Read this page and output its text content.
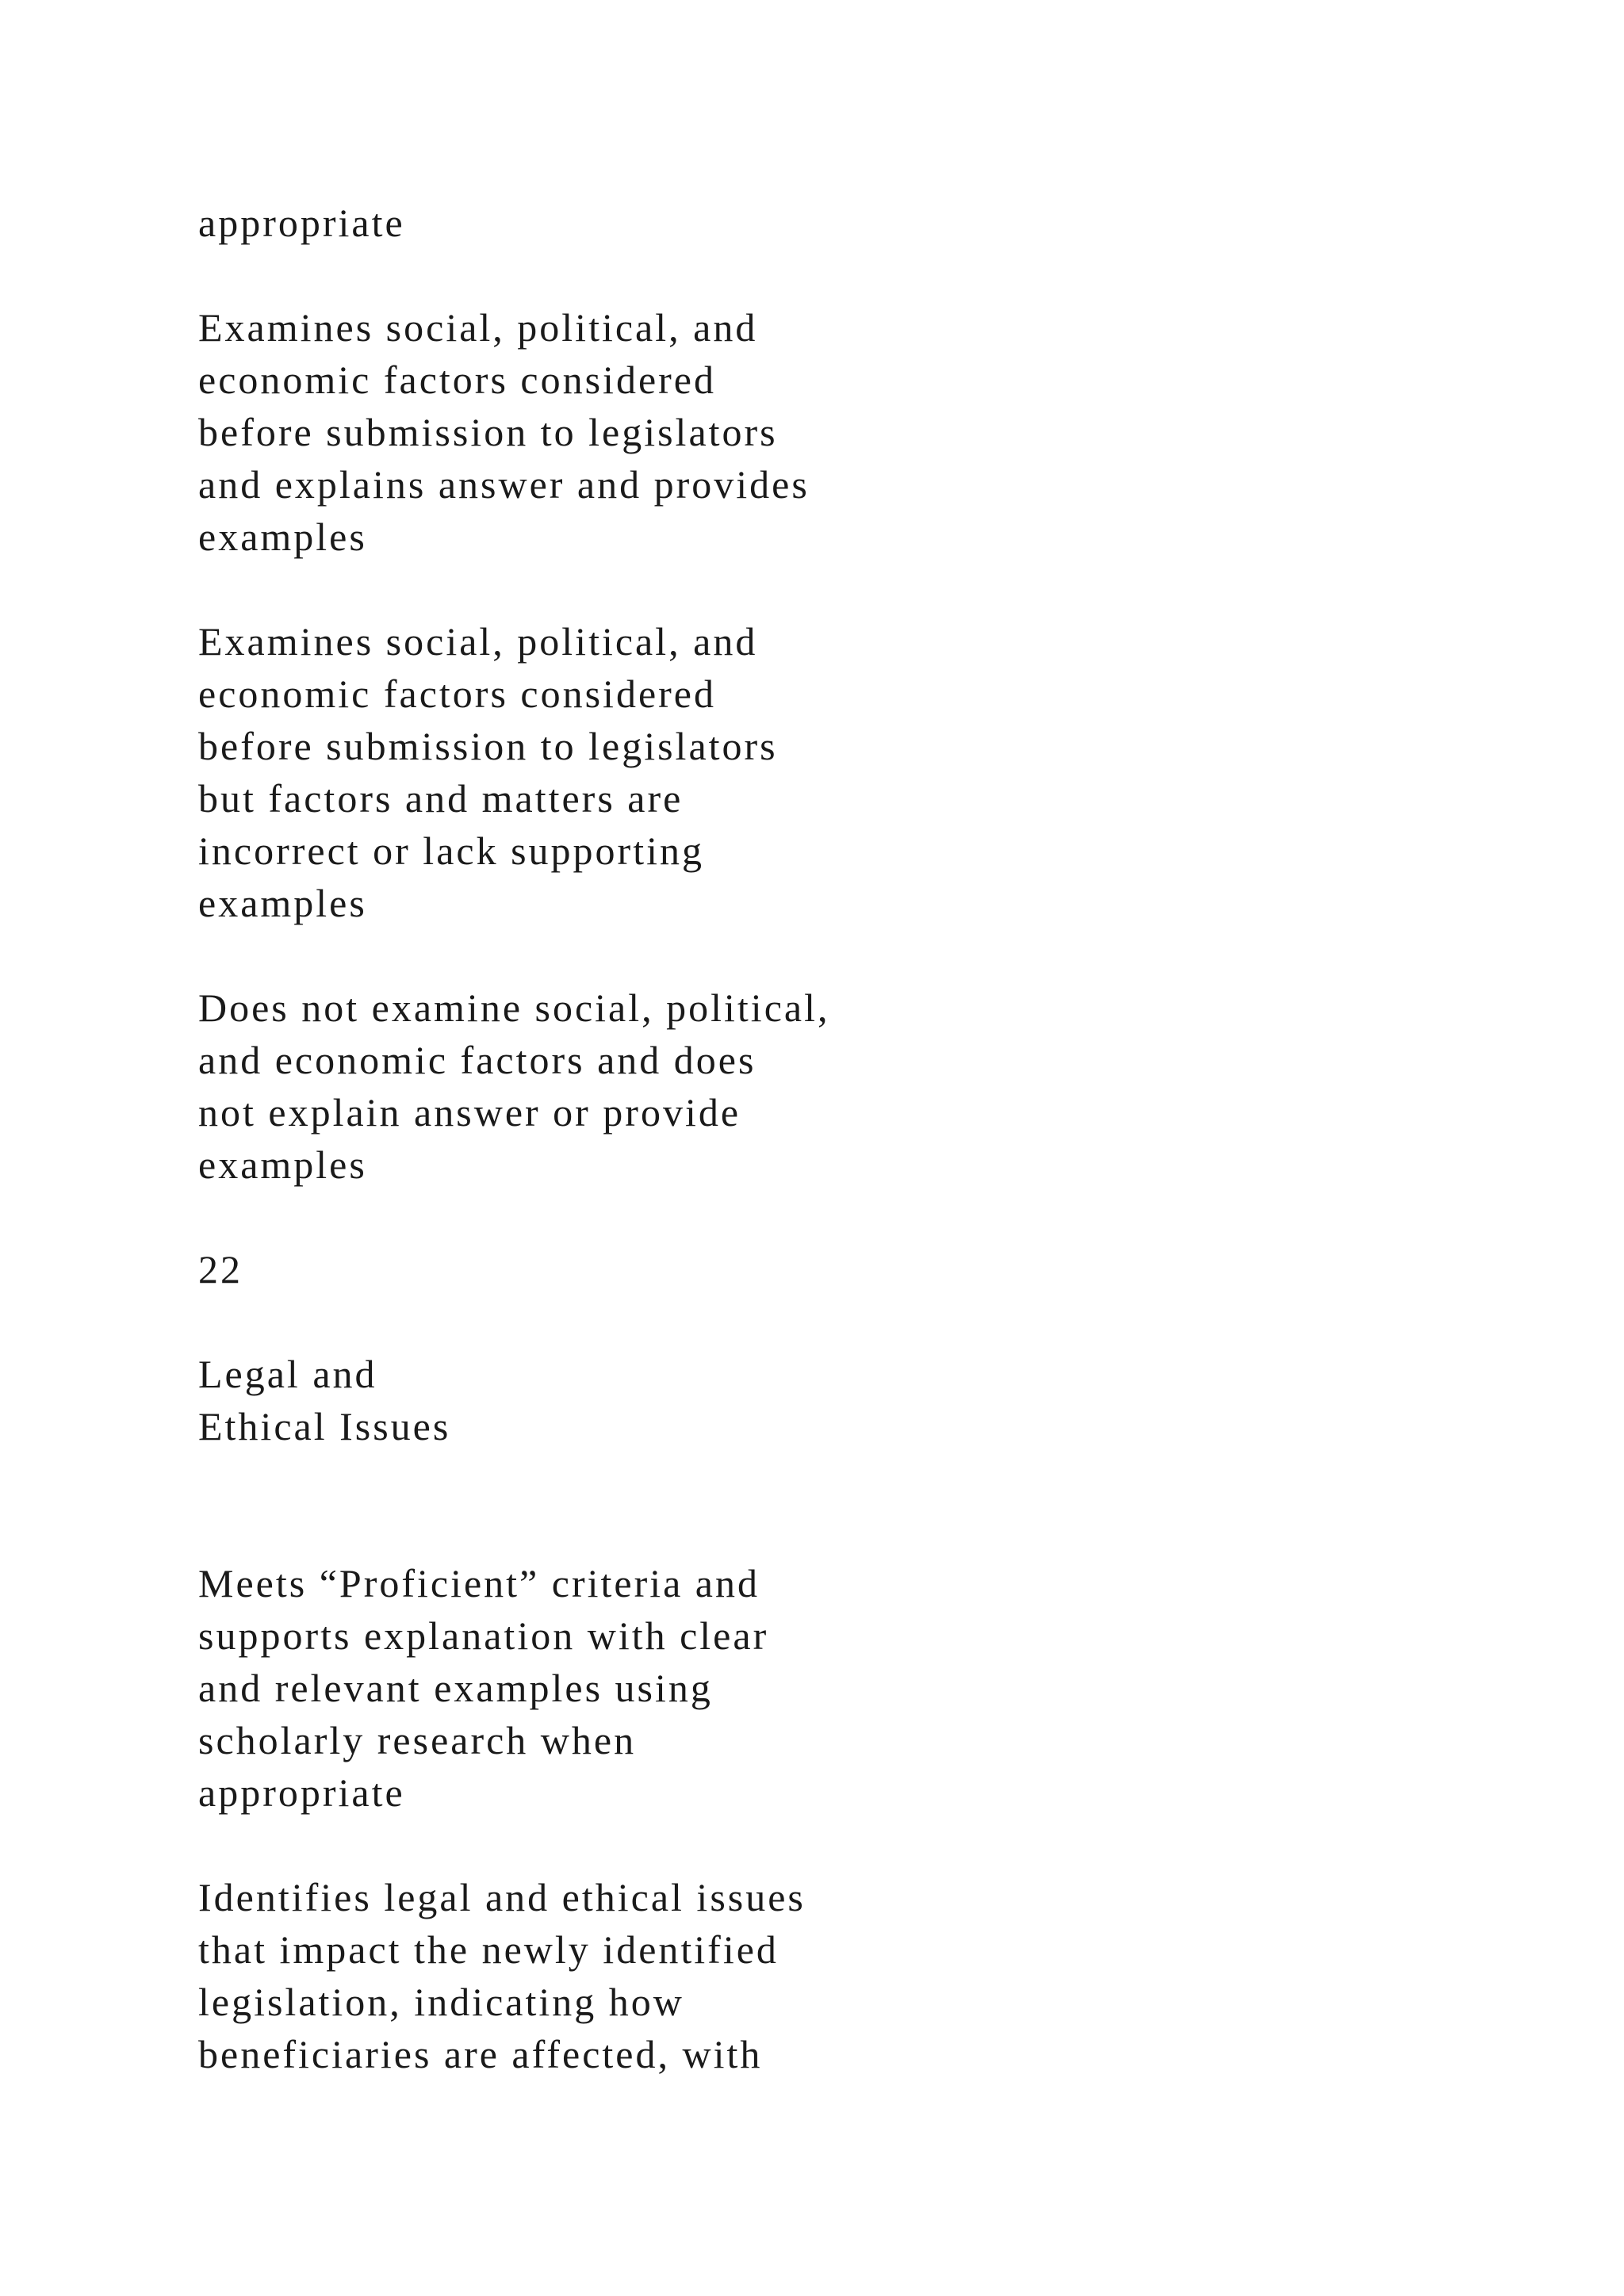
appropriate

Examines social, political, and
economic factors considered
before submission to legislators
and explains answer and provides
examples

Examines social, political, and
economic factors considered
before submission to legislators
but factors and matters are
incorrect or lack supporting
examples

Does not examine social, political,
and economic factors and does
not explain answer or provide
examples

22

Legal and
Ethical Issues

Meets “Proficient” criteria and
supports explanation with clear
and relevant examples using
scholarly research when
appropriate

Identifies legal and ethical issues
that impact the newly identified
legislation, indicating how
beneficiaries are affected, with
